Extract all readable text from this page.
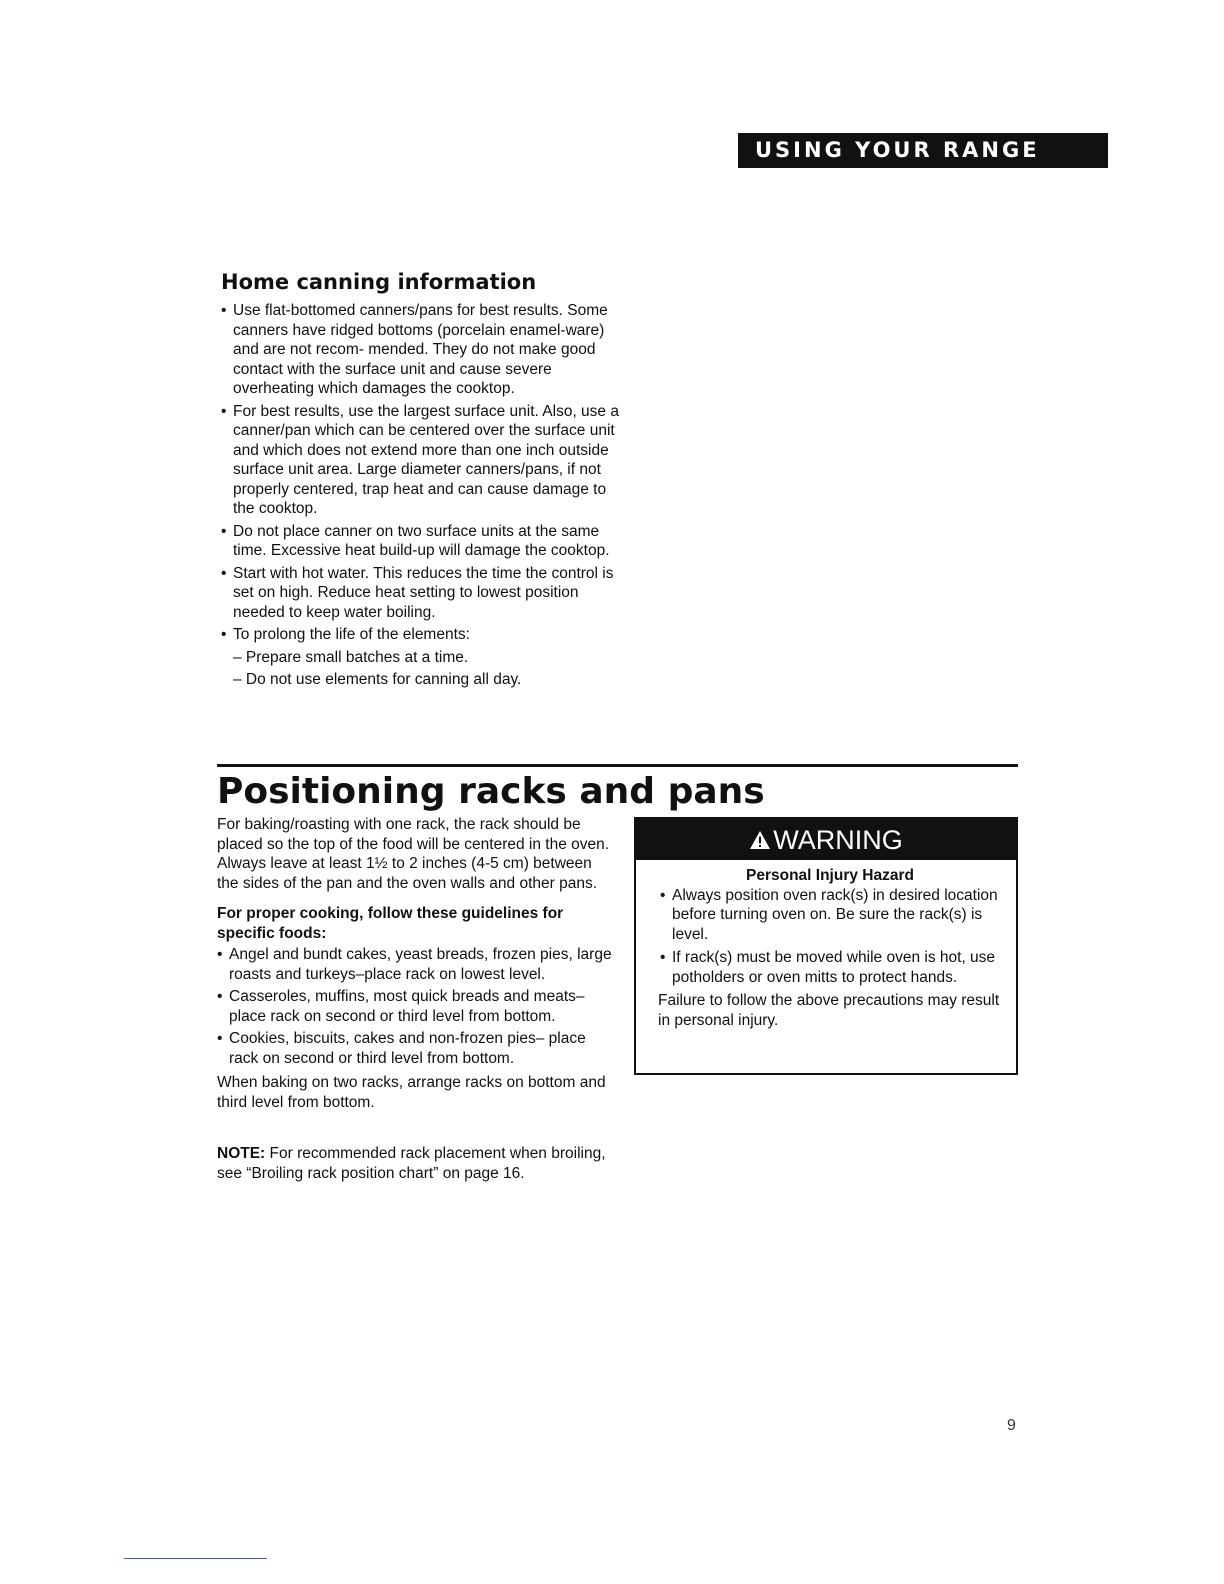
USING YOUR RANGE
Home canning information
• Use flat-bottomed canners/pans for best results. Some canners have ridged bottoms (porcelain enamel-ware) and are not recom- mended. They do not make good contact with the surface unit and cause severe overheating which damages the cooktop.
• For best results, use the largest surface unit. Also, use a canner/pan which can be centered over the surface unit and which does not extend more than one inch outside surface unit area. Large diameter canners/pans, if not properly centered, trap heat and can cause damage to the cooktop.
• Do not place canner on two surface units at the same time. Excessive heat build-up will damage the cooktop.
• Start with hot water. This reduces the time the control is set on high. Reduce heat setting to lowest position needed to keep water boiling.
• To prolong the life of the elements:
– Prepare small batches at a time.
– Do not use elements for canning all day.
Positioning racks and pans

For baking/roasting with one rack, the rack should be placed so the top of the food will be centered in the oven. Always leave at least 1½ to 2 inches (4-5 cm) between the sides of the pan and the oven walls and other pans.

For proper cooking, follow these guidelines for specific foods:

• Angel and bundt cakes, yeast breads, frozen pies, large roasts and turkeys–place rack on lowest level.
• Casseroles, muffins, most quick breads and meats–place rack on second or third level from bottom.
• Cookies, biscuits, cakes and non-frozen pies– place rack on second or third level from bottom.

When baking on two racks, arrange racks on bottom and third level from bottom.

NOTE: For recommended rack placement when broiling, see “Broiling rack position chart” on page 16.

WARNING

Personal Injury Hazard

• Always position oven rack(s) in desired location before turning oven on. Be sure the rack(s) is level.
• If rack(s) must be moved while oven is hot, use potholders or oven mitts to protect hands.

Failure to follow the above precautions may result in personal injury.

9
